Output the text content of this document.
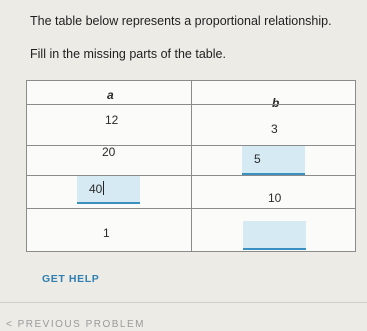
The table below represents a proportional relationship.
Fill in the missing parts of the table.
a
b
12
3
20	5
40
10
1
GET HELP
< PREVIOUS PROBLEM
